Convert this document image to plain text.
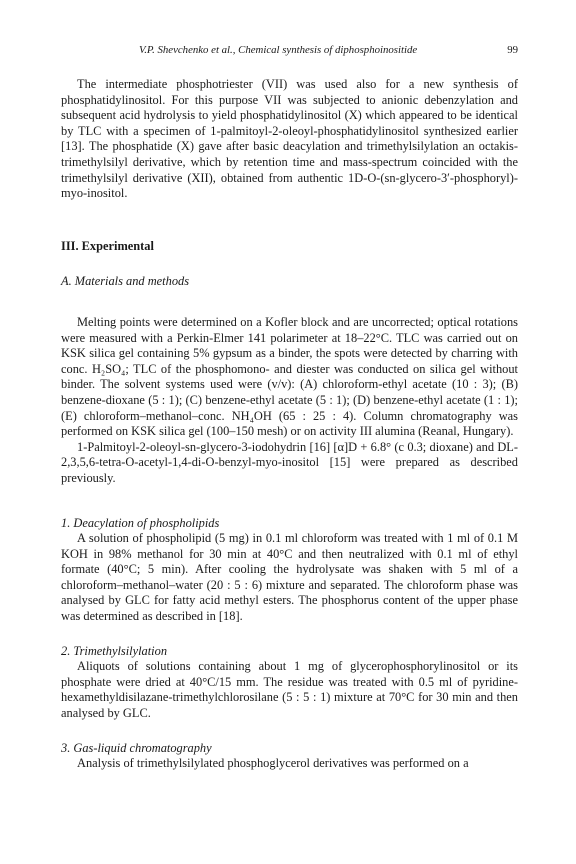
V.P. Shevchenko et al., Chemical synthesis of diphosphoinositide	99

The intermediate phosphotriester (VII) was used also for a new synthesis of phosphatidylinositol. For this purpose VII was subjected to anionic debenzylation and subsequent acid hydrolysis to yield phosphatidylinositol (X) which appeared to be identical by TLC with a specimen of 1-palmitoyl-2-oleoyl-phosphatidylinositol synthesized earlier [13]. The phosphatide (X) gave after basic deacylation and trimethylsilylation an octakis-trimethylsilyl derivative, which by retention time and mass-spectrum coincided with the trimethylsilyl derivative (XII), obtained from authentic 1D-O-(sn-glycero-3′-phosphoryl)-myo-inositol.

III. Experimental
A. Materials and methods

Melting points were determined on a Kofler block and are uncorrected; optical rotations were measured with a Perkin-Elmer 141 polarimeter at 18–22°C. TLC was carried out on KSK silica gel containing 5% gypsum as a binder, the spots were detected by charring with conc. H₂SO₄; TLC of the phosphomono- and diester was conducted on silica gel without binder. The solvent systems used were (v/v): (A) chloroform-ethyl acetate (10 : 3); (B) benzene-dioxane (5 : 1); (C) benzene-ethyl acetate (5 : 1); (D) benzene-ethyl acetate (1 : 1); (E) chloroform–methanol–conc. NH₄OH (65 : 25 : 4). Column chromatography was performed on KSK silica gel (100–150 mesh) or on activity III alumina (Reanal, Hungary).

1-Palmitoyl-2-oleoyl-sn-glycero-3-iodohydrin [16] [α]D + 6.8° (c 0.3; dioxane) and DL-2,3,5,6-tetra-O-acetyl-1,4-di-O-benzyl-myo-inositol [15] were prepared as described previously.

1. Deacylation of phospholipids

A solution of phospholipid (5 mg) in 0.1 ml chloroform was treated with 1 ml of 0.1 M KOH in 98% methanol for 30 min at 40°C and then neutralized with 0.1 ml of ethyl formate (40°C; 5 min). After cooling the hydrolysate was shaken with 5 ml of a chloroform–methanol–water (20 : 5 : 6) mixture and separated. The chloroform phase was analysed by GLC for fatty acid methyl esters. The phosphorus content of the upper phase was determined as described in [18].

2. Trimethylsilylation

Aliquots of solutions containing about 1 mg of glycerophosphorylinositol or its phosphate were dried at 40°C/15 mm. The residue was treated with 0.5 ml of pyridine-hexamethyldisilazane-trimethylchlorosilane (5 : 5 : 1) mixture at 70°C for 30 min and then analysed by GLC.

3. Gas-liquid chromatography

Analysis of trimethylsilylated phosphoglycerol derivatives was performed on a
